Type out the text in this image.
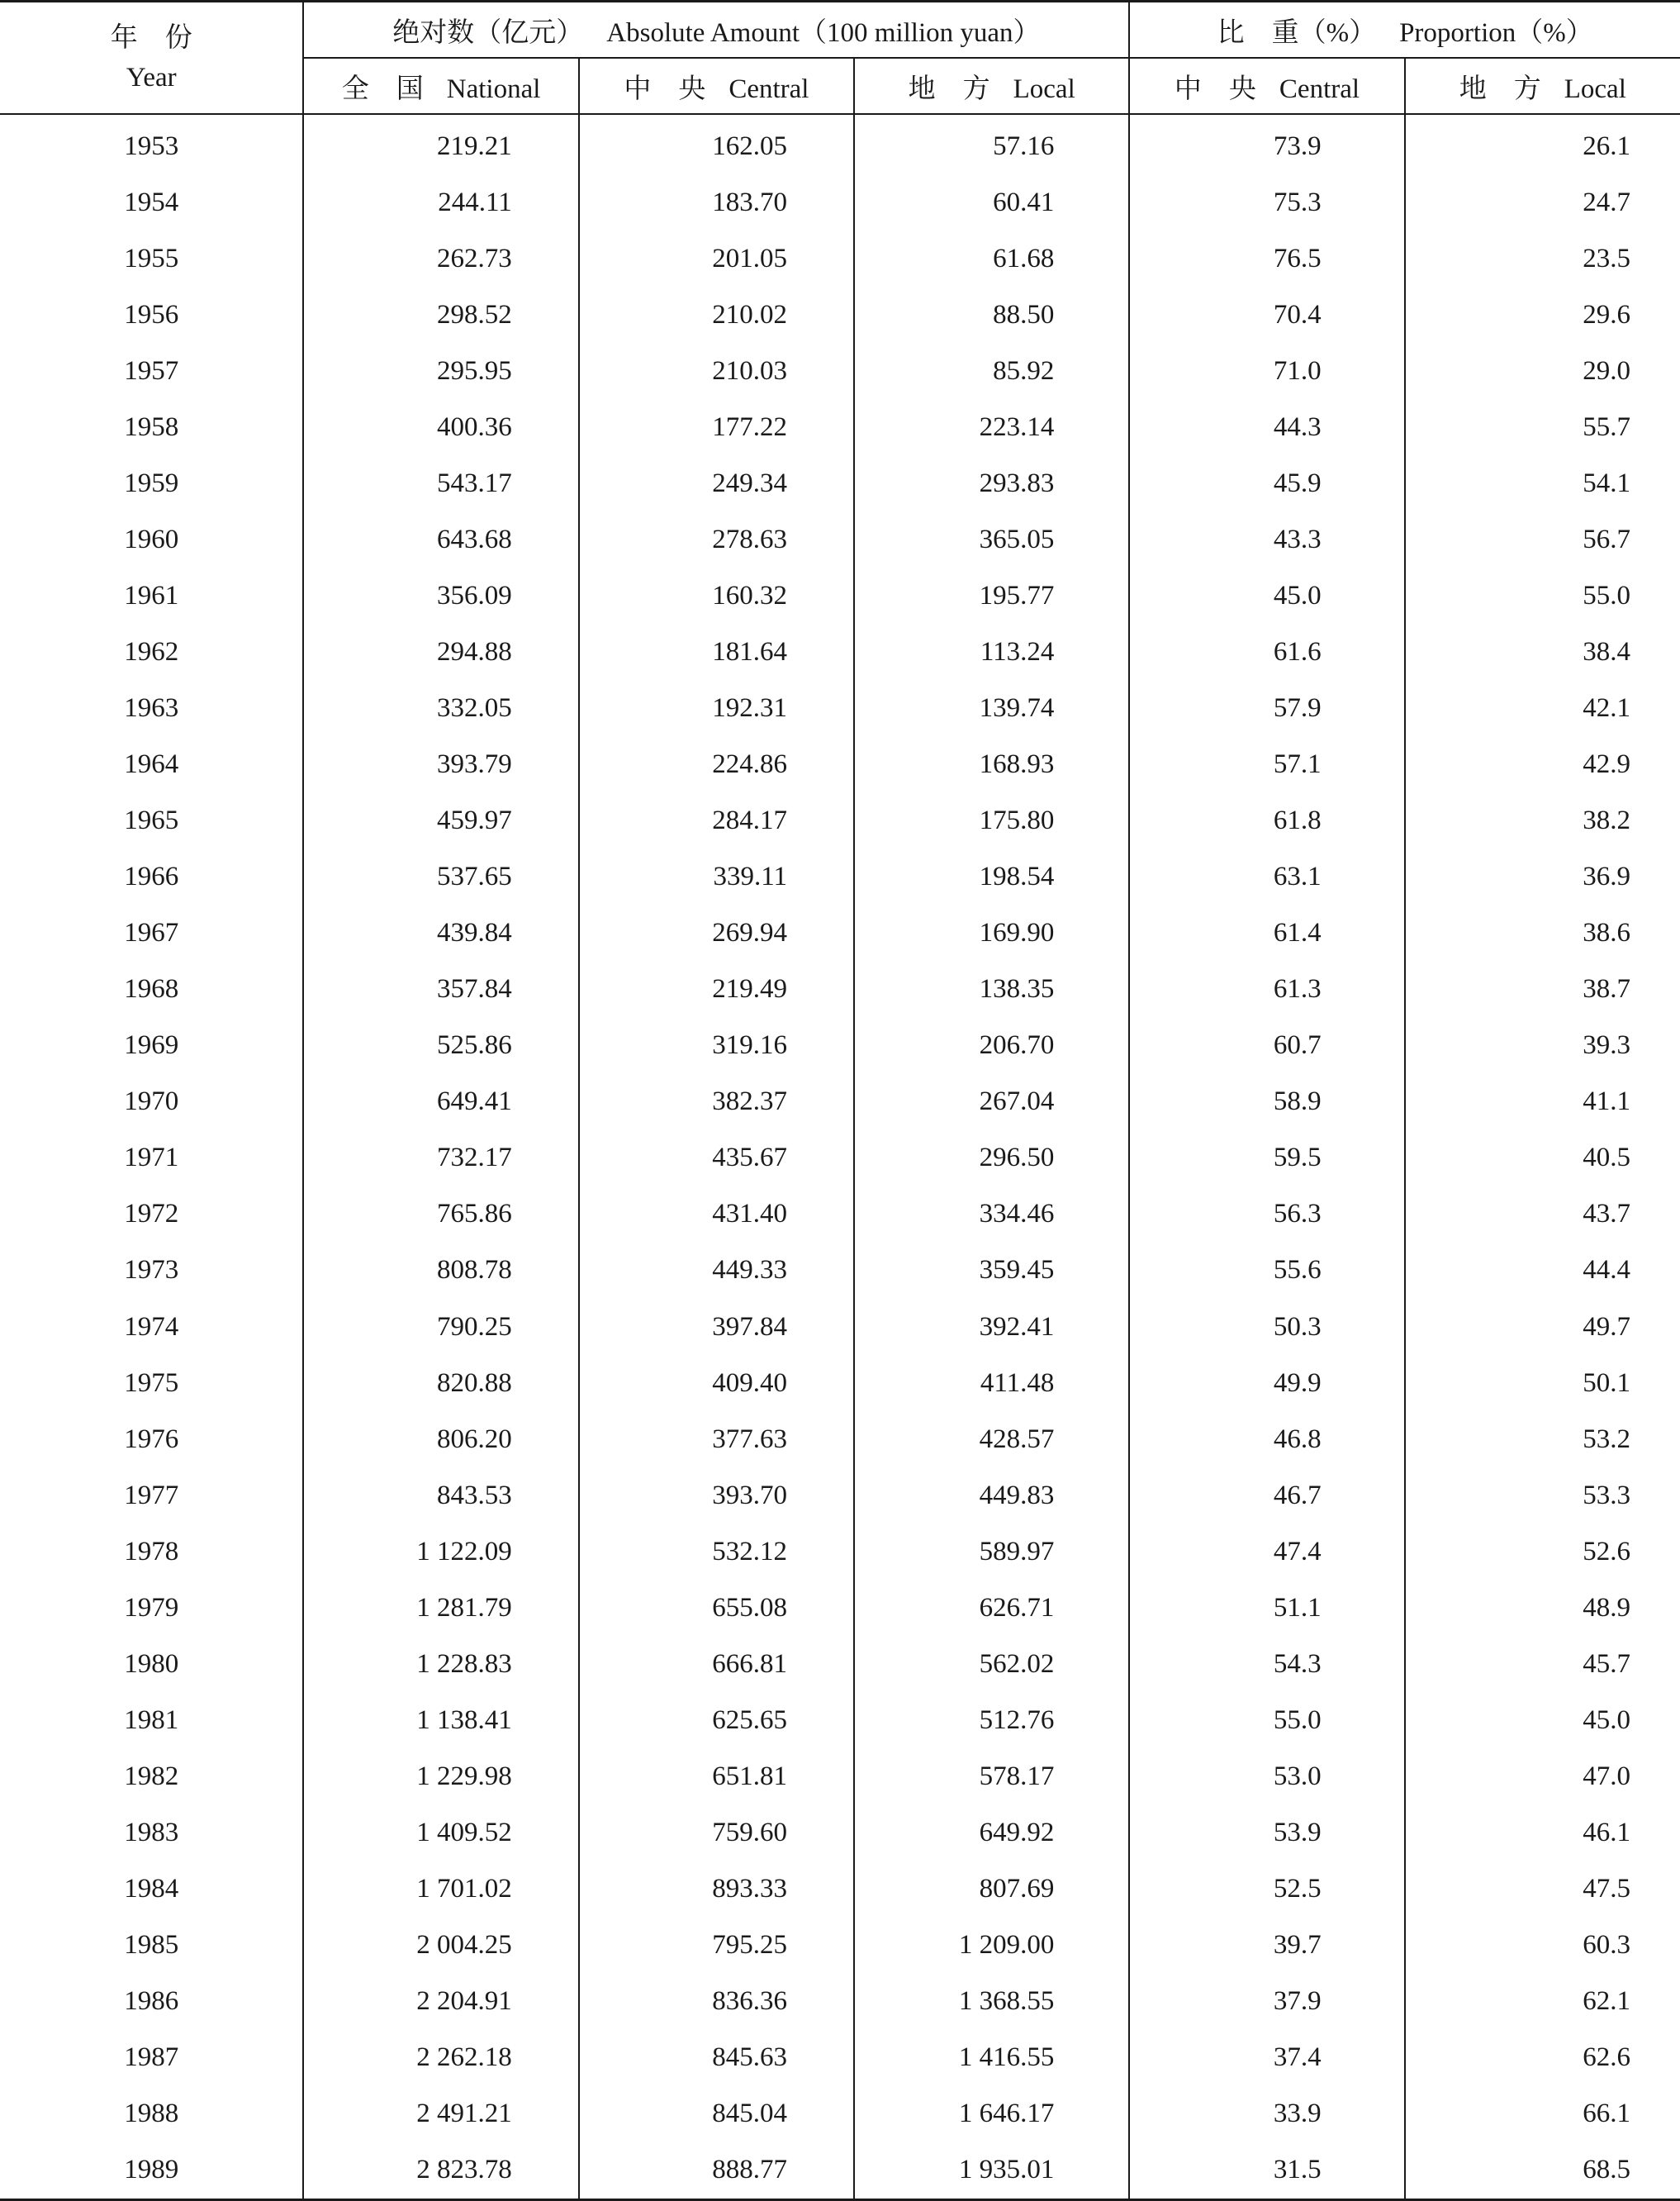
年　份
Year	绝对数（亿元） Absolute Amount（100 million yuan）			比　重（%） Proportion（%）	
	全　国 National	中　央 Central	地　方 Local	中　央 Central	地　方 Local
1953	219.21	162.05	57.16	73.9	26.1
1954	244.11	183.70	60.41	75.3	24.7
1955	262.73	201.05	61.68	76.5	23.5
1956	298.52	210.02	88.50	70.4	29.6
1957	295.95	210.03	85.92	71.0	29.0
1958	400.36	177.22	223.14	44.3	55.7
1959	543.17	249.34	293.83	45.9	54.1
1960	643.68	278.63	365.05	43.3	56.7
1961	356.09	160.32	195.77	45.0	55.0
1962	294.88	181.64	113.24	61.6	38.4
1963	332.05	192.31	139.74	57.9	42.1
1964	393.79	224.86	168.93	57.1	42.9
1965	459.97	284.17	175.80	61.8	38.2
1966	537.65	339.11	198.54	63.1	36.9
1967	439.84	269.94	169.90	61.4	38.6
1968	357.84	219.49	138.35	61.3	38.7
1969	525.86	319.16	206.70	60.7	39.3
1970	649.41	382.37	267.04	58.9	41.1
1971	732.17	435.67	296.50	59.5	40.5
1972	765.86	431.40	334.46	56.3	43.7
1973	808.78	449.33	359.45	55.6	44.4
1974	790.25	397.84	392.41	50.3	49.7
1975	820.88	409.40	411.48	49.9	50.1
1976	806.20	377.63	428.57	46.8	53.2
1977	843.53	393.70	449.83	46.7	53.3
1978	1 122.09	532.12	589.97	47.4	52.6
1979	1 281.79	655.08	626.71	51.1	48.9
1980	1 228.83	666.81	562.02	54.3	45.7
1981	1 138.41	625.65	512.76	55.0	45.0
1982	1 229.98	651.81	578.17	53.0	47.0
1983	1 409.52	759.60	649.92	53.9	46.1
1984	1 701.02	893.33	807.69	52.5	47.5
1985	2 004.25	795.25	1 209.00	39.7	60.3
1986	2 204.91	836.36	1 368.55	37.9	62.1
1987	2 262.18	845.63	1 416.55	37.4	62.6
1988	2 491.21	845.04	1 646.17	33.9	66.1
1989	2 823.78	888.77	1 935.01	31.5	68.5
